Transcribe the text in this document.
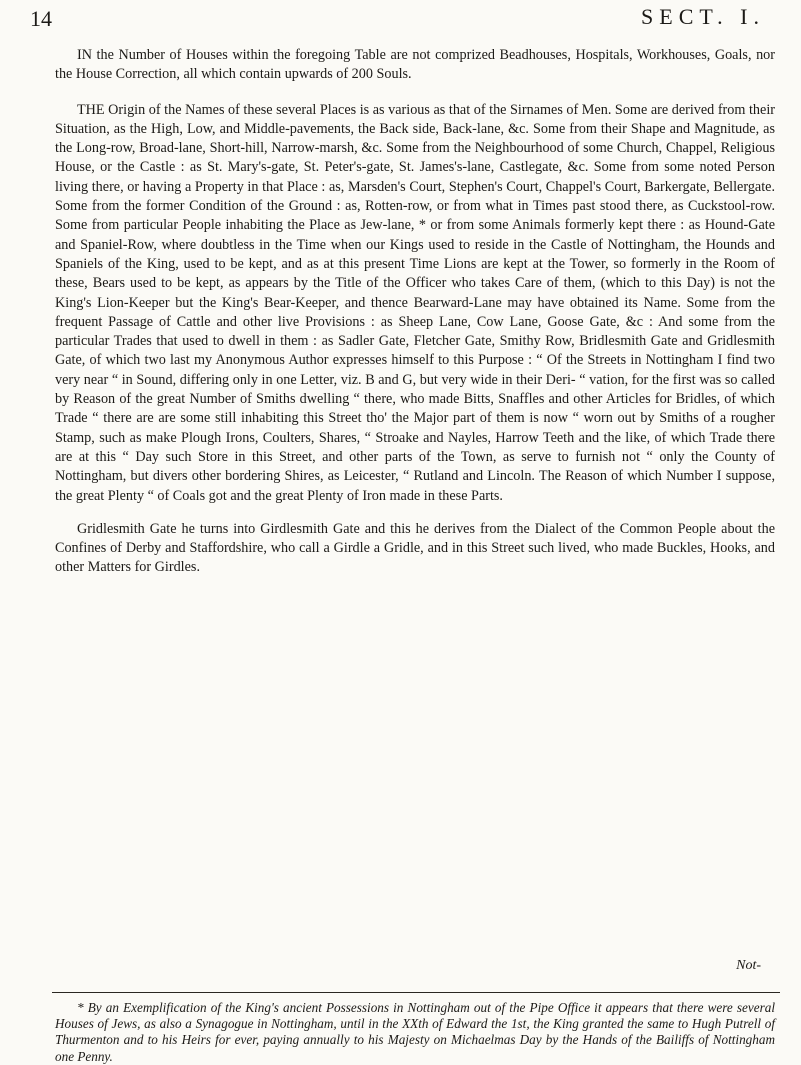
14	SECT. I.

IN the Number of Houses within the foregoing Table are not comprized Beadhouses, Hospitals, Workhouses, Goals, nor the House Correction, all which contain upwards of 200 Souls.

THE Origin of the Names of these several Places is as various as that of the Sirnames of Men. Some are derived from their Situation, as the High, Low, and Middle-pavements, the Back side, Back-lane, &c. Some from their Shape and Magnitude, as the Long-row, Broad-lane, Short-hill, Narrow-marsh, &c. Some from the Neighbourhood of some Church, Chappel, Religious House, or the Castle : as St. Mary's-gate, St. Peter's-gate, St. James's-lane, Castlegate, &c. Some from some noted Person living there, or having a Property in that Place : as, Marsden's Court, Stephen's Court, Chappel's Court, Barkergate, Bellergate. Some from the former Condition of the Ground : as, Rotten-row, or from what in Times past stood there, as Cuckstool-row. Some from particular People inhabiting the Place as Jew-lane, * or from some Animals formerly kept there : as Hound-Gate and Spaniel-Row, where doubtless in the Time when our Kings used to reside in the Castle of Nottingham, the Hounds and Spaniels of the King, used to be kept, and as at this present Time Lions are kept at the Tower, so formerly in the Room of these, Bears used to be kept, as appears by the Title of the Officer who takes Care of them, (which to this Day) is not the King's Lion-Keeper but the King's Bear-Keeper, and thence Bearward-Lane may have obtained its Name. Some from the frequent Passage of Cattle and other live Provisions : as Sheep Lane, Cow Lane, Goose Gate, &c : And some from the particular Trades that used to dwell in them : as Sadler Gate, Fletcher Gate, Smithy Row, Bridlesmith Gate and Gridlesmith Gate, of which two last my Anonymous Author expresses himself to this Purpose : “ Of the Streets in Nottingham I find two very near “ in Sound, differing only in one Letter, viz. B and G, but very wide in their Deri- “ vation, for the first was so called by Reason of the great Number of Smiths dwelling “ there, who made Bitts, Snaffles and other Articles for Bridles, of which Trade “ there are are some still inhabiting this Street tho' the Major part of them is now “ worn out by Smiths of a rougher Stamp, such as make Plough Irons, Coulters, Shares, “ Stroake and Nayles, Harrow Teeth and the like, of which Trade there are at this “ Day such Store in this Street, and other parts of the Town, as serve to furnish not “ only the County of Nottingham, but divers other bordering Shires, as Leicester, “ Rutland and Lincoln. The Reason of which Number I suppose, the great Plenty “ of Coals got and the great Plenty of Iron made in these Parts.

Gridlesmith Gate he turns into Girdlesmith Gate and this he derives from the Dialect of the Common People about the Confines of Derby and Staffordshire, who call a Girdle a Gridle, and in this Street such lived, who made Buckles, Hooks, and other Matters for Girdles.

Not-

* By an Exemplification of the King's ancient Possessions in Nottingham out of the Pipe Office it appears that there were several Houses of Jews, as also a Synagogue in Nottingham, until in the XXth of Edward the 1st, the King granted the same to Hugh Putrell of Thurmenton and to his Heirs for ever, paying annually to his Majesty on Michaelmas Day by the Hands of the Bailiffs of Nottingham one Penny.
